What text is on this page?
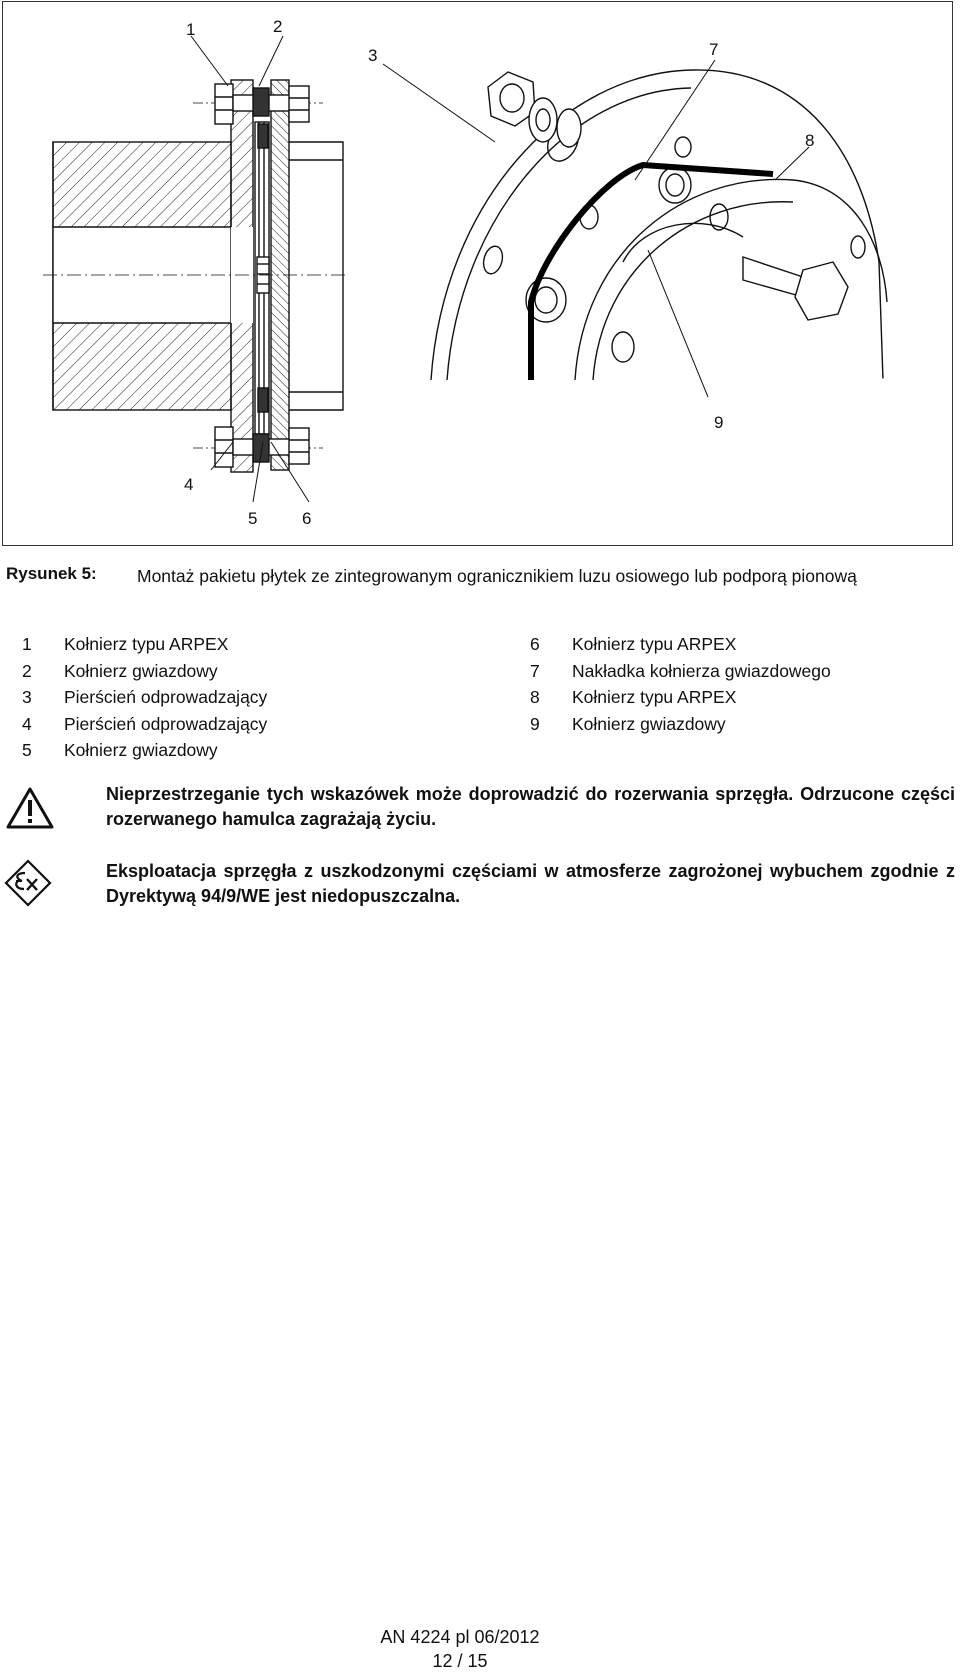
1	2
3
4
5	6
7
8
9
Rysunek 5: Montaż pakietu płytek ze zintegrowanym ogranicznikiem luzu osiowego lub podporą pionową
1	Kołnierz typu ARPEX
2	Kołnierz gwiazdowy
3	Pierścień odprowadzający
4	Pierścień odprowadzający
5	Kołnierz gwiazdowy
6	Kołnierz typu ARPEX
7	Nakładka kołnierza gwiazdowego
8	Kołnierz typu ARPEX
9	Kołnierz gwiazdowy
Nieprzestrzeganie tych wskazówek może doprowadzić do rozerwania sprzęgła. Odrzucone części rozerwanego hamulca zagrażają życiu.
Eksploatacja sprzęgła z uszkodzonymi częściami w atmosferze zagrożonej wybuchem zgodnie z Dyrektywą 94/9/WE jest niedopuszczalna.
AN 4224 pl 06/2012
12 / 15
